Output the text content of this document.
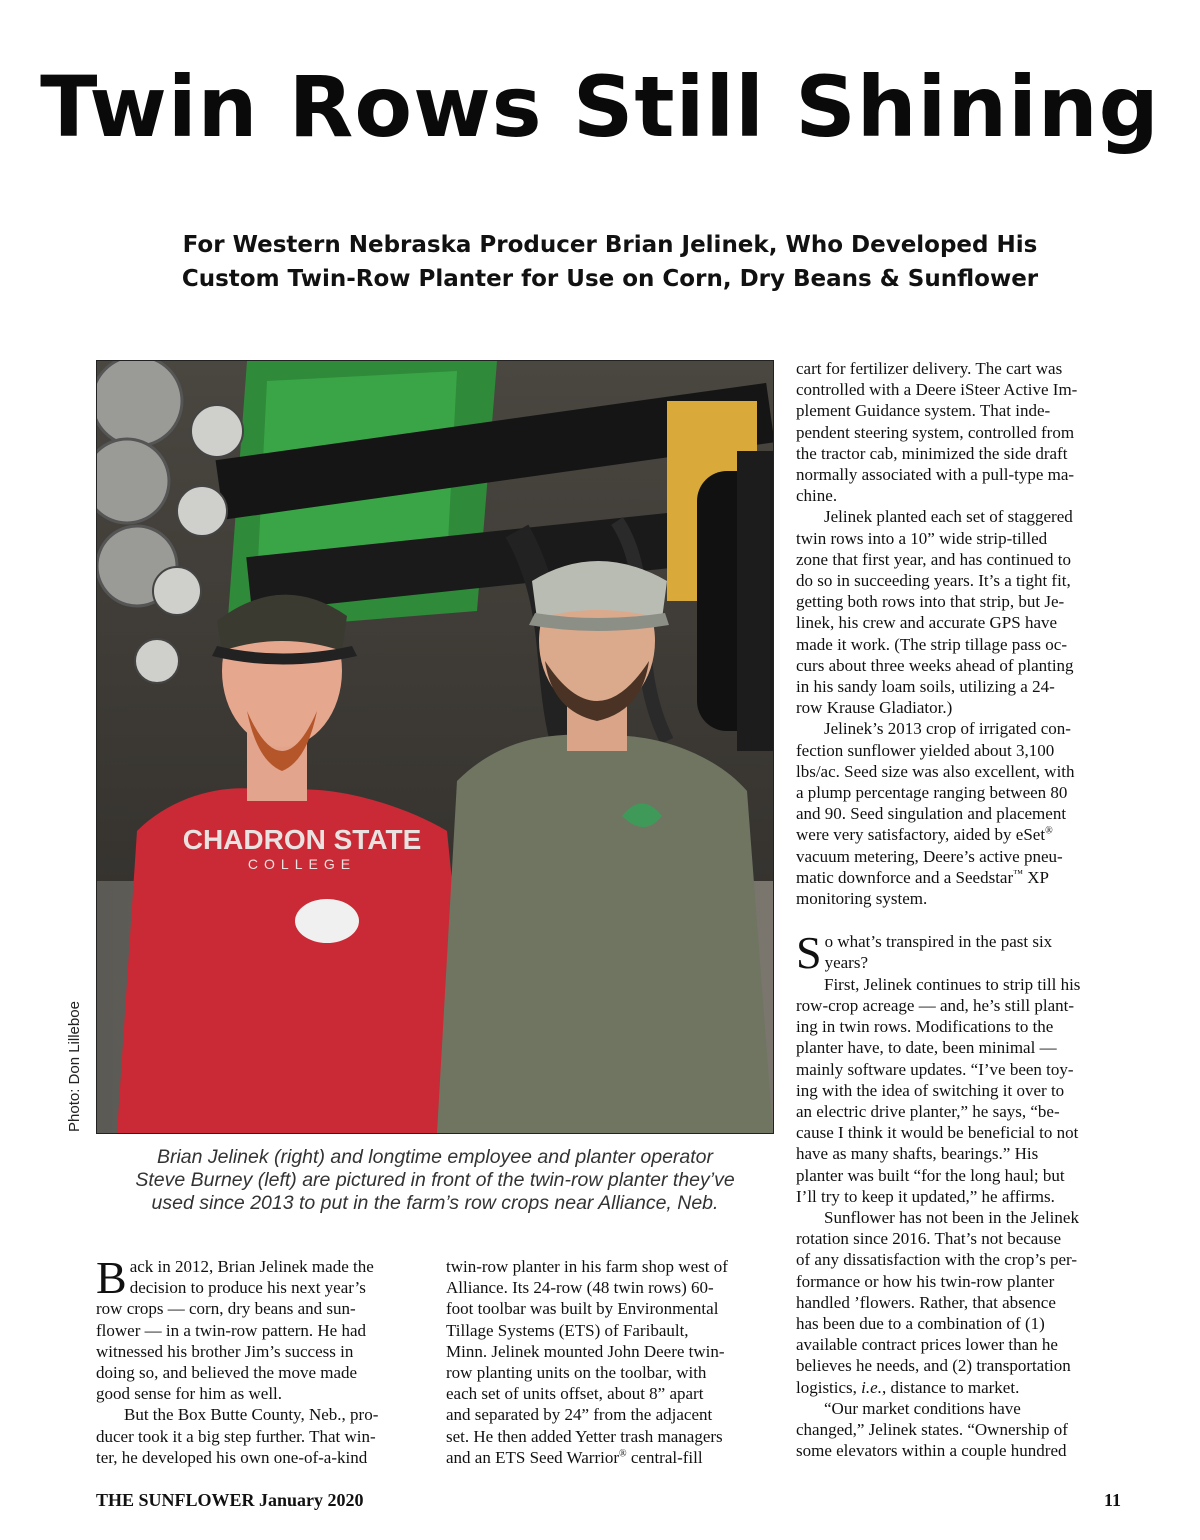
Twin Rows Still Shining
For Western Nebraska Producer Brian Jelinek, Who Developed His
Custom Twin-Row Planter for Use on Corn, Dry Beans & Sunflower
CHADRON STATE
COLLEGE
Photo: Don Lilleboe
Brian Jelinek (right) and longtime employee and planter operator
Steve Burney (left) are pictured in front of the twin-row planter they’ve
used since 2013 to put in the farm’s row crops near Alliance, Neb.
B ack in 2012, Brian Jelinek made the
decision to produce his next year’s
row crops — corn, dry beans and sun-
flower — in a twin-row pattern. He had
witnessed his brother Jim’s success in
doing so, and believed the move made
good sense for him as well.
But the Box Butte County, Neb., pro-
ducer took it a big step further. That win-
ter, he developed his own one-of-a-kind
twin-row planter in his farm shop west of
Alliance. Its 24-row (48 twin rows) 60-
foot toolbar was built by Environmental
Tillage Systems (ETS) of Faribault,
Minn. Jelinek mounted John Deere twin-
row planting units on the toolbar, with
each set of units offset, about 8” apart
and separated by 24” from the adjacent
set. He then added Yetter trash managers
and an ETS Seed Warrior® central-fill
cart for fertilizer delivery. The cart was
controlled with a Deere iSteer Active Im-
plement Guidance system. That inde-
pendent steering system, controlled from
the tractor cab, minimized the side draft
normally associated with a pull-type ma-
chine.
Jelinek planted each set of staggered
twin rows into a 10” wide strip-tilled
zone that first year, and has continued to
do so in succeeding years. It’s a tight fit,
getting both rows into that strip, but Je-
linek, his crew and accurate GPS have
made it work. (The strip tillage pass oc-
curs about three weeks ahead of planting
in his sandy loam soils, utilizing a 24-
row Krause Gladiator.)
Jelinek’s 2013 crop of irrigated con-
fection sunflower yielded about 3,100
lbs/ac. Seed size was also excellent, with
a plump percentage ranging between 80
and 90. Seed singulation and placement
were very satisfactory, aided by eSet®
vacuum metering, Deere’s active pneu-
matic downforce and a Seedstar™ XP
monitoring system.
S o what’s transpired in the past six
years?
First, Jelinek continues to strip till his
row-crop acreage — and, he’s still plant-
ing in twin rows. Modifications to the
planter have, to date, been minimal —
mainly software updates. “I’ve been toy-
ing with the idea of switching it over to
an electric drive planter,” he says, “be-
cause I think it would be beneficial to not
have as many shafts, bearings.” His
planter was built “for the long haul; but
I’ll try to keep it updated,” he affirms.
Sunflower has not been in the Jelinek
rotation since 2016. That’s not because
of any dissatisfaction with the crop’s per-
formance or how his twin-row planter
handled ’flowers. Rather, that absence
has been due to a combination of (1)
available contract prices lower than he
believes he needs, and (2) transportation
logistics, i.e., distance to market.
“Our market conditions have
changed,” Jelinek states. “Ownership of
some elevators within a couple hundred
THE SUNFLOWER January 2020	11
